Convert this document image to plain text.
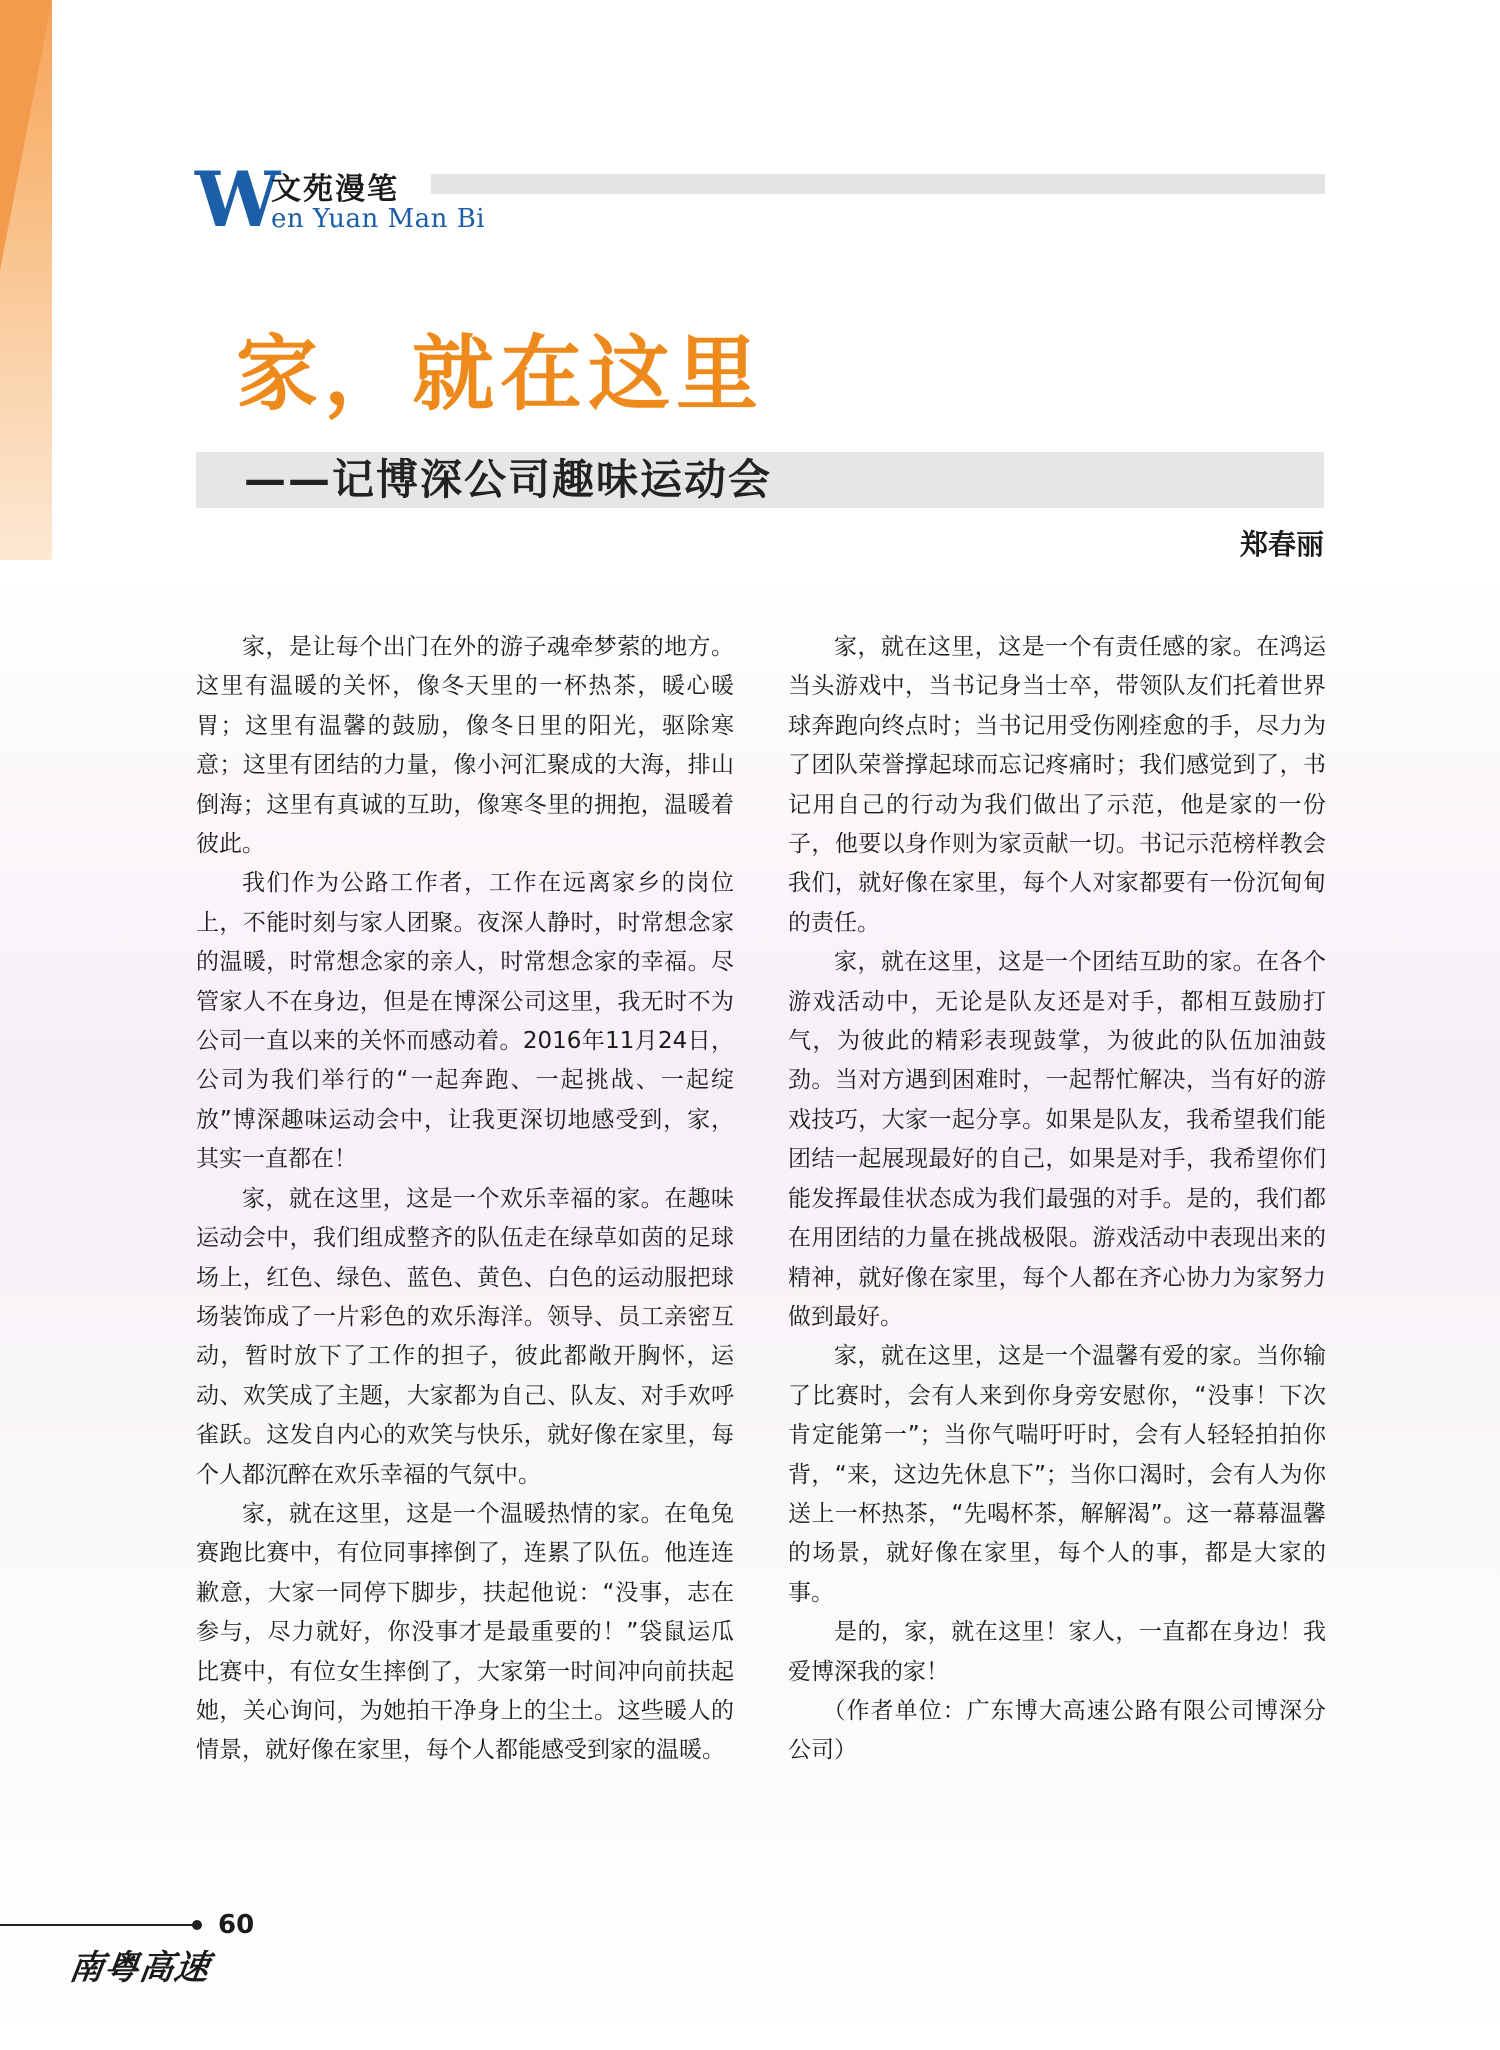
W
文苑漫笔
en Yuan Man Bi
家，就在这里
——记博深公司趣味运动会
郑春丽

家，是让每个出门在外的游子魂牵梦萦的地方。这里有温暖的关怀，像冬天里的一杯热茶，暖心暖胃；这里有温馨的鼓励，像冬日里的阳光，驱除寒意；这里有团结的力量，像小河汇聚成的大海，排山倒海；这里有真诚的互助，像寒冬里的拥抱，温暖着彼此。

我们作为公路工作者，工作在远离家乡的岗位上，不能时刻与家人团聚。夜深人静时，时常想念家的温暖，时常想念家的亲人，时常想念家的幸福。尽管家人不在身边，但是在博深公司这里，我无时不为公司一直以来的关怀而感动着。2016年11月24日，公司为我们举行的“一起奔跑、一起挑战、一起绽放”博深趣味运动会中，让我更深切地感受到，家，其实一直都在！

家，就在这里，这是一个欢乐幸福的家。在趣味运动会中，我们组成整齐的队伍走在绿草如茵的足球场上，红色、绿色、蓝色、黄色、白色的运动服把球场装饰成了一片彩色的欢乐海洋。领导、员工亲密互动，暂时放下了工作的担子，彼此都敞开胸怀，运动、欢笑成了主题，大家都为自己、队友、对手欢呼雀跃。这发自内心的欢笑与快乐，就好像在家里，每个人都沉醉在欢乐幸福的气氛中。

家，就在这里，这是一个温暖热情的家。在龟兔赛跑比赛中，有位同事摔倒了，连累了队伍。他连连歉意，大家一同停下脚步，扶起他说：“没事，志在参与，尽力就好，你没事才是最重要的！”袋鼠运瓜比赛中，有位女生摔倒了，大家第一时间冲向前扶起她，关心询问，为她拍干净身上的尘土。这些暖人的情景，就好像在家里，每个人都能感受到家的温暖。

家，就在这里，这是一个有责任感的家。在鸿运当头游戏中，当书记身当士卒，带领队友们托着世界球奔跑向终点时；当书记用受伤刚痊愈的手，尽力为了团队荣誉撑起球而忘记疼痛时；我们感觉到了，书记用自己的行动为我们做出了示范，他是家的一份子，他要以身作则为家贡献一切。书记示范榜样教会我们，就好像在家里，每个人对家都要有一份沉甸甸的责任。

家，就在这里，这是一个团结互助的家。在各个游戏活动中，无论是队友还是对手，都相互鼓励打气，为彼此的精彩表现鼓掌，为彼此的队伍加油鼓劲。当对方遇到困难时，一起帮忙解决，当有好的游戏技巧，大家一起分享。如果是队友，我希望我们能团结一起展现最好的自己，如果是对手，我希望你们能发挥最佳状态成为我们最强的对手。是的，我们都在用团结的力量在挑战极限。游戏活动中表现出来的精神，就好像在家里，每个人都在齐心协力为家努力做到最好。

家，就在这里，这是一个温馨有爱的家。当你输了比赛时，会有人来到你身旁安慰你，“没事！下次肯定能第一”；当你气喘吁吁时，会有人轻轻拍拍你背，“来，这边先休息下”；当你口渴时，会有人为你送上一杯热茶，“先喝杯茶，解解渴”。这一幕幕温馨的场景，就好像在家里，每个人的事，都是大家的事。

是的，家，就在这里！家人，一直都在身边！我爱博深我的家！

（作者单位：广东博大高速公路有限公司博深分公司）

60
南粤高速
